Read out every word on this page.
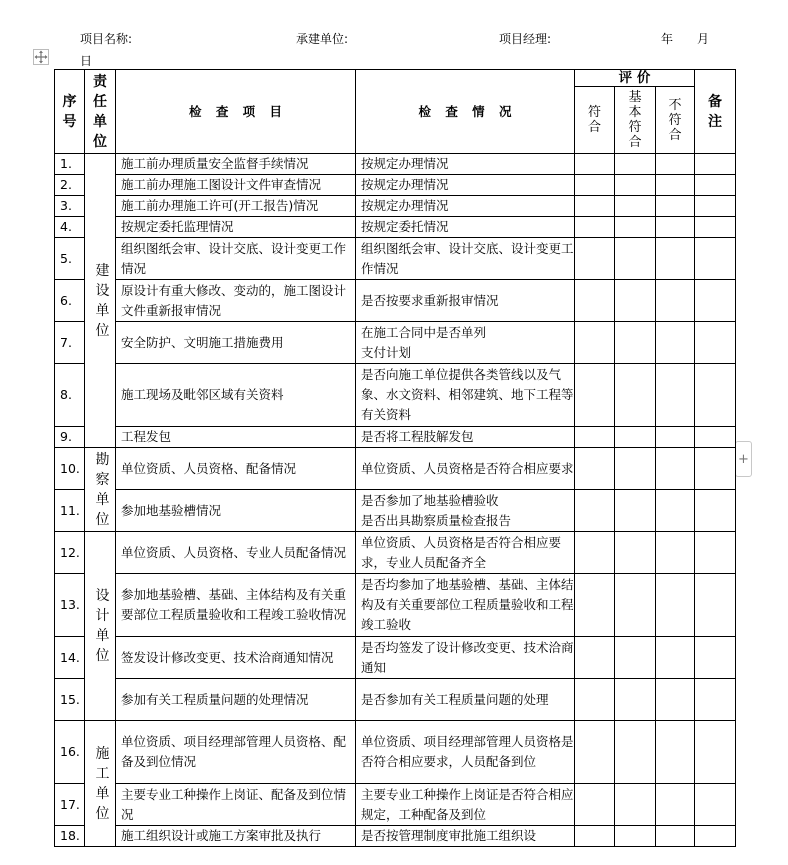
项目名称:	承建单位:	项目经理:	年 月
日
+
序号	责任单位	检 查 项 目	检 查 情 况	评 价			备注

				符合	基本符合	不符合	

1.	建设单位	施工前办理质量安全监督手续情况	按规定办理情况				
2.		施工前办理施工图设计文件审查情况	按规定办理情况				
3.		施工前办理施工许可(开工报告)情况	按规定办理情况				
4.		按规定委托监理情况	按规定委托情况				
5.		组织图纸会审、设计交底、设计变更工作情况	组织图纸会审、设计交底、设计变更工作情况				
6.		原设计有重大修改、变动的，施工图设计文件重新报审情况	是否按要求重新报审情况				
7.		安全防护、文明施工措施费用	在施工合同中是否单列
支付计划				

8.		施工现场及毗邻区域有关资料	是否向施工单位提供各类管线以及气象、水文资料、相邻建筑、地下工程等有关资料				
9.		工程发包	是否将工程肢解发包				
10.	勘察单位	单位资质、人员资格、配备情况	单位资质、人员资格是否符合相应要求				
11.		参加地基验槽情况	是否参加了地基验槽验收
是否出具勘察质量检查报告				

12.	设计单位	单位资质、人员资格、专业人员配备情况	单位资质、人员资格是否符合相应要求，专业人员配备齐全				
13.		参加地基验槽、基础、主体结构及有关重要部位工程质量验收和工程竣工验收情况	是否均参加了地基验槽、基础、主体结构及有关重要部位工程质量验收和工程竣工验收				
14.		签发设计修改变更、技术洽商通知情况	是否均签发了设计修改变更、技术洽商通知				
15.		参加有关工程质量问题的处理情况	是否参加有关工程质量问题的处理				
16.	施工单位	单位资质、项目经理部管理人员资格、配备及到位情况	单位资质、项目经理部管理人员资格是否符合相应要求，人员配备到位				
17.		主要专业工种操作上岗证、配备及到位情况	主要专业工种操作上岗证是否符合相应规定，工种配备及到位				
18.		施工组织设计或施工方案审批及执行	是否按管理制度审批施工组织设				
